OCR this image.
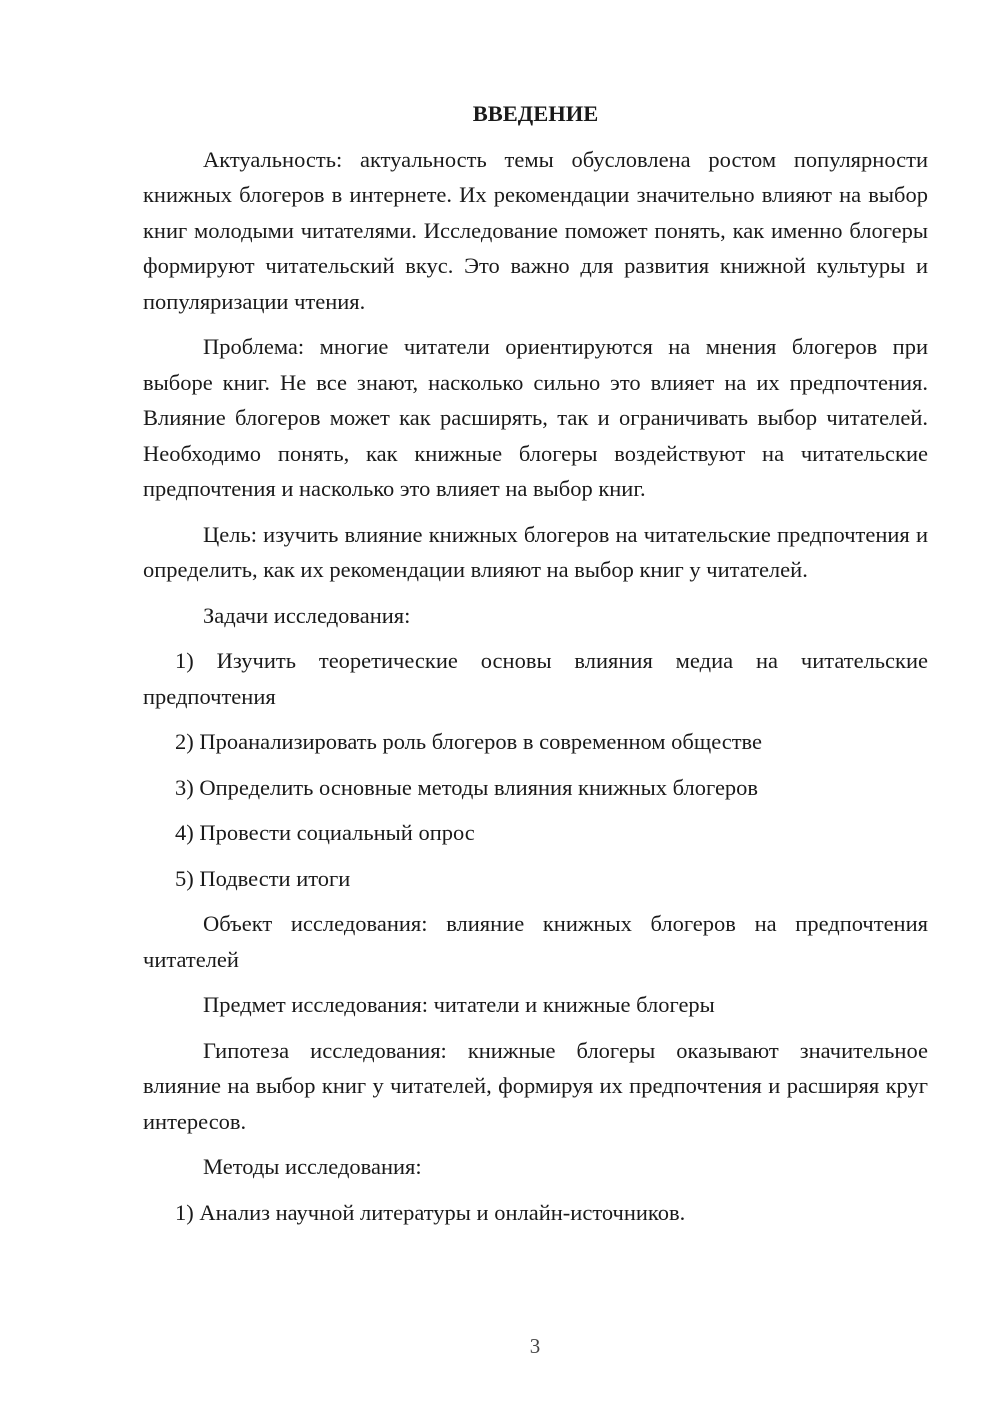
ВВЕДЕНИЕ
Актуальность: актуальность темы обусловлена ростом популярности книжных блогеров в интернете. Их рекомендации значительно влияют на выбор книг молодыми читателями. Исследование поможет понять, как именно блогеры формируют читательский вкус. Это важно для развития книжной культуры и популяризации чтения.
Проблема: многие читатели ориентируются на мнения блогеров при выборе книг. Не все знают, насколько сильно это влияет на их предпочтения. Влияние блогеров может как расширять, так и ограничивать выбор читателей. Необходимо понять, как книжные блогеры воздействуют на читательские предпочтения и насколько это влияет на выбор книг.
Цель: изучить влияние книжных блогеров на читательские предпочтения и определить, как их рекомендации влияют на выбор книг у читателей.
Задачи исследования:
1) Изучить теоретические основы влияния медиа на читательские предпочтения
2) Проанализировать роль блогеров в современном обществе
3) Определить основные методы влияния книжных блогеров
4) Провести социальный опрос
5) Подвести итоги
Объект исследования: влияние книжных блогеров на предпочтения читателей
Предмет исследования: читатели и книжные блогеры
Гипотеза исследования: книжные блогеры оказывают значительное влияние на выбор книг у читателей, формируя их предпочтения и расширяя круг интересов.
Методы исследования:
1) Анализ научной литературы и онлайн-источников.
3
